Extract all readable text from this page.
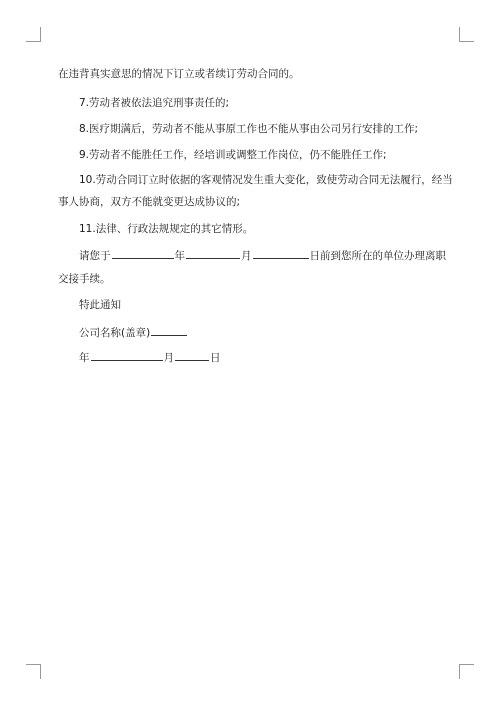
在违背真实意思的情况下订立或者续订劳动合同的。
7.劳动者被依法追究刑事责任的;
8.医疗期满后，劳动者不能从事原工作也不能从事由公司另行安排的工作;
9.劳动者不能胜任工作，经培训或调整工作岗位，仍不能胜任工作;
10.劳动合同订立时依据的客观情况发生重大变化，致使劳动合同无法履行，经当
事人协商，双方不能就变更达成协议的;
11.法律、行政法规规定的其它情形。
请您于	年	月	日前到您所在的单位办理离职
交接手续。
特此通知
公司名称(盖章)
年	月	日
